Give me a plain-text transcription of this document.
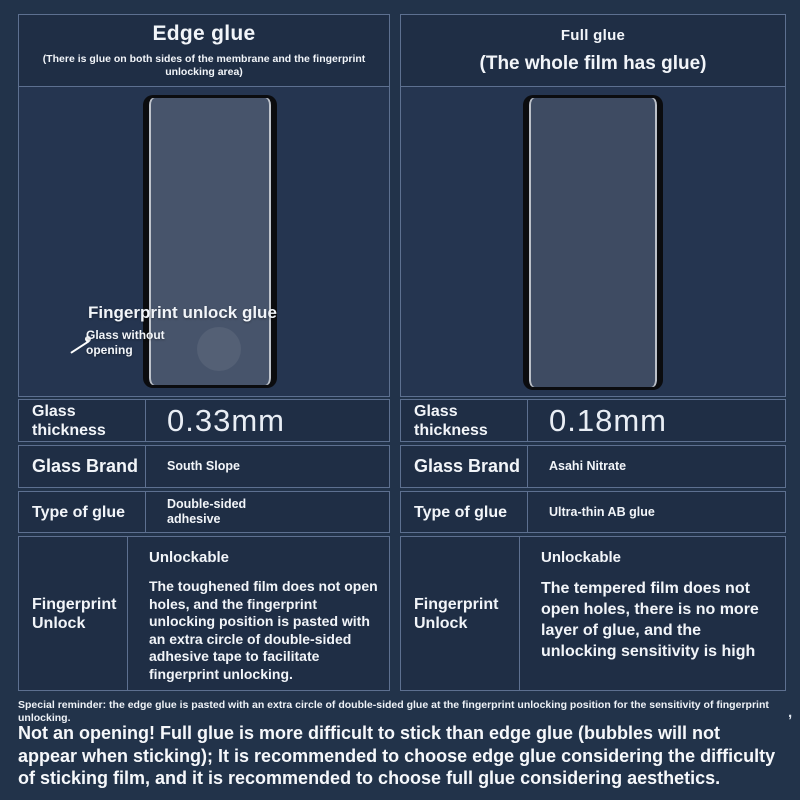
Edge glue
(There is glue on both sides of the membrane and the fingerprint unlocking area)
Fingerprint unlock glue
Glass without opening
Glass thickness	0.33mm
Glass Brand	South Slope
Type of glue	Double-sided adhesive
Fingerprint Unlock
Unlockable
The toughened film does not open holes, and the fingerprint unlocking position is pasted with an extra circle of double-sided adhesive tape to facilitate fingerprint unlocking.
Full glue
(The whole film has glue)
Glass thickness	0.18mm
Glass Brand	Asahi Nitrate
Type of glue	Ultra-thin AB glue
Fingerprint Unlock
Unlockable
The tempered film does not open holes, there is no more layer of glue, and the unlocking sensitivity is high
Special reminder: the edge glue is pasted with an extra circle of double-sided glue at the fingerprint unlocking position for the sensitivity of fingerprint unlocking.	,
Not an opening! Full glue is more difficult to stick than edge glue (bubbles will not appear when sticking); It is recommended to choose edge glue considering the difficulty of sticking film, and it is recommended to choose full glue considering aesthetics.
